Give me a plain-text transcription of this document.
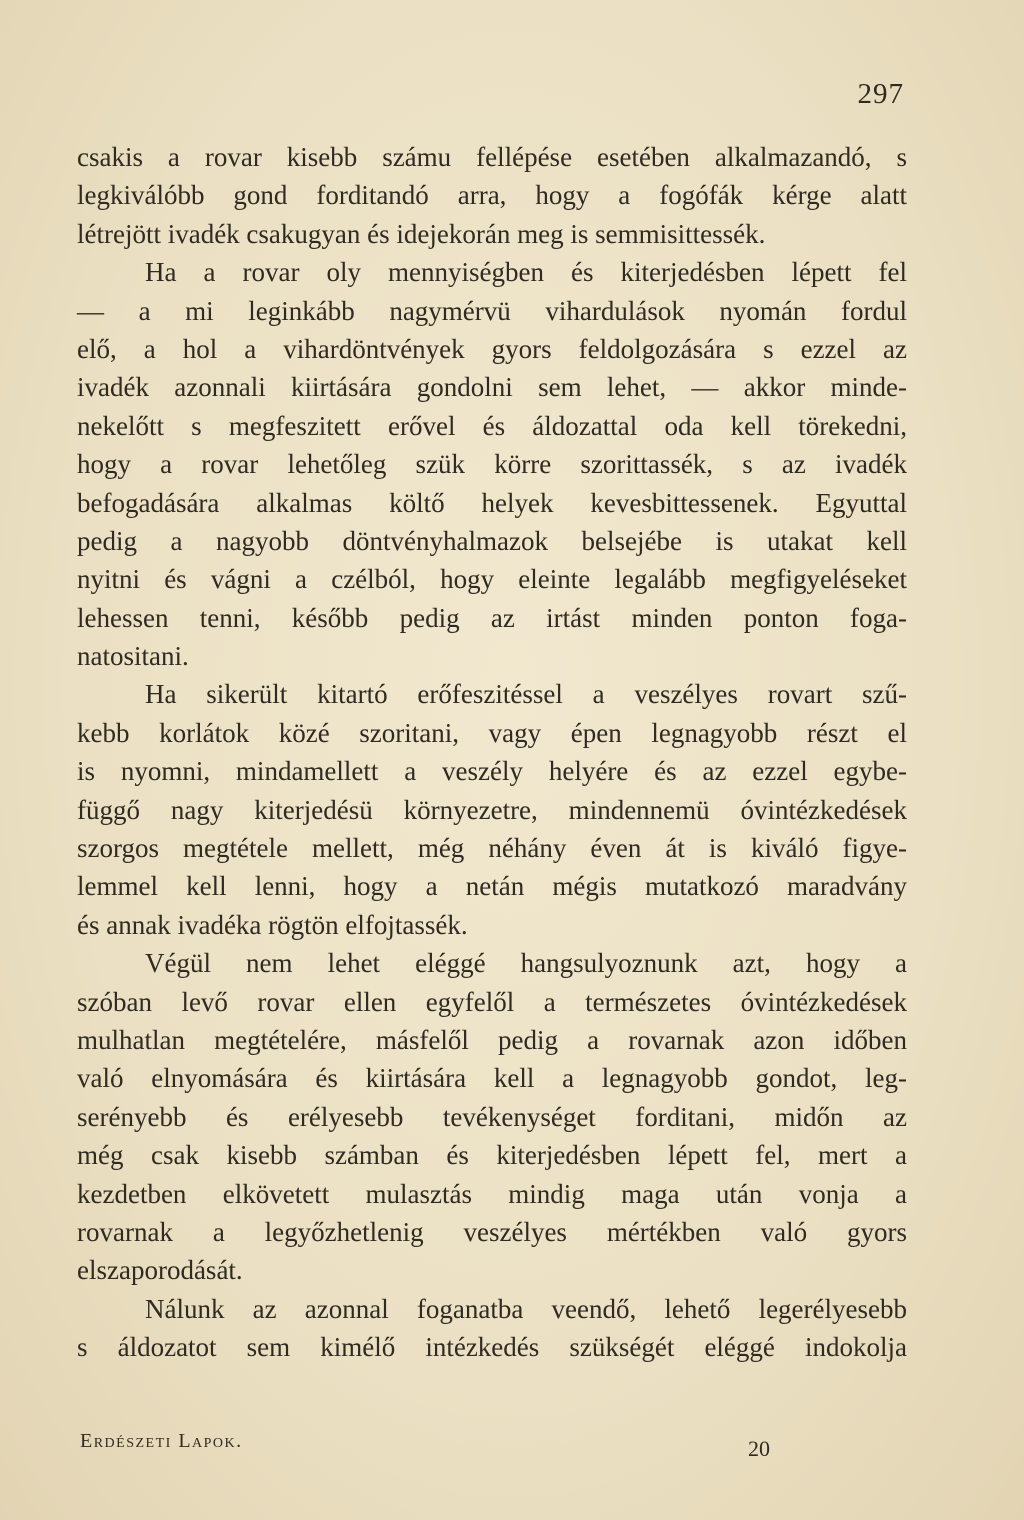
297
csakis a rovar kisebb számu fellépése esetében alkalmazandó, s
legkiválóbb gond forditandó arra, hogy a fogófák kérge alatt
létrejött ivadék csakugyan és idejekorán meg is semmisittessék.
Ha a rovar oly mennyiségben és kiterjedésben lépett fel
— a mi leginkább nagymérvü vihardulások nyomán fordul
elő, a hol a vihardöntvények gyors feldolgozására s ezzel az
ivadék azonnali kiirtására gondolni sem lehet, — akkor minde-
nekelőtt s megfeszitett erővel és áldozattal oda kell törekedni,
hogy a rovar lehetőleg szük körre szorittassék, s az ivadék
befogadására alkalmas költő helyek kevesbittessenek. Egyuttal
pedig a nagyobb döntvényhalmazok belsejébe is utakat kell
nyitni és vágni a czélból, hogy eleinte legalább megfigyeléseket
lehessen tenni, később pedig az irtást minden ponton foga-
natositani.
Ha sikerült kitartó erőfeszitéssel a veszélyes rovart szű-
kebb korlátok közé szoritani, vagy épen legnagyobb részt el
is nyomni, mindamellett a veszély helyére és az ezzel egybe-
függő nagy kiterjedésü környezetre, mindennemü óvintézkedések
szorgos megtétele mellett, még néhány éven át is kiváló figye-
lemmel kell lenni, hogy a netán mégis mutatkozó maradvány
és annak ivadéka rögtön elfojtassék.
Végül nem lehet eléggé hangsulyoznunk azt, hogy a
szóban levő rovar ellen egyfelől a természetes óvintézkedések
mulhatlan megtételére, másfelől pedig a rovarnak azon időben
való elnyomására és kiirtására kell a legnagyobb gondot, leg-
serényebb és erélyesebb tevékenységet forditani, midőn az
még csak kisebb számban és kiterjedésben lépett fel, mert a
kezdetben elkövetett mulasztás mindig maga után vonja a
rovarnak a legyőzhetlenig veszélyes mértékben való gyors
elszaporodását.
Nálunk az azonnal foganatba veendő, lehető legerélyesebb
s áldozatot sem kimélő intézkedés szükségét eléggé indokolja
Erdészeti Lapok.	20
